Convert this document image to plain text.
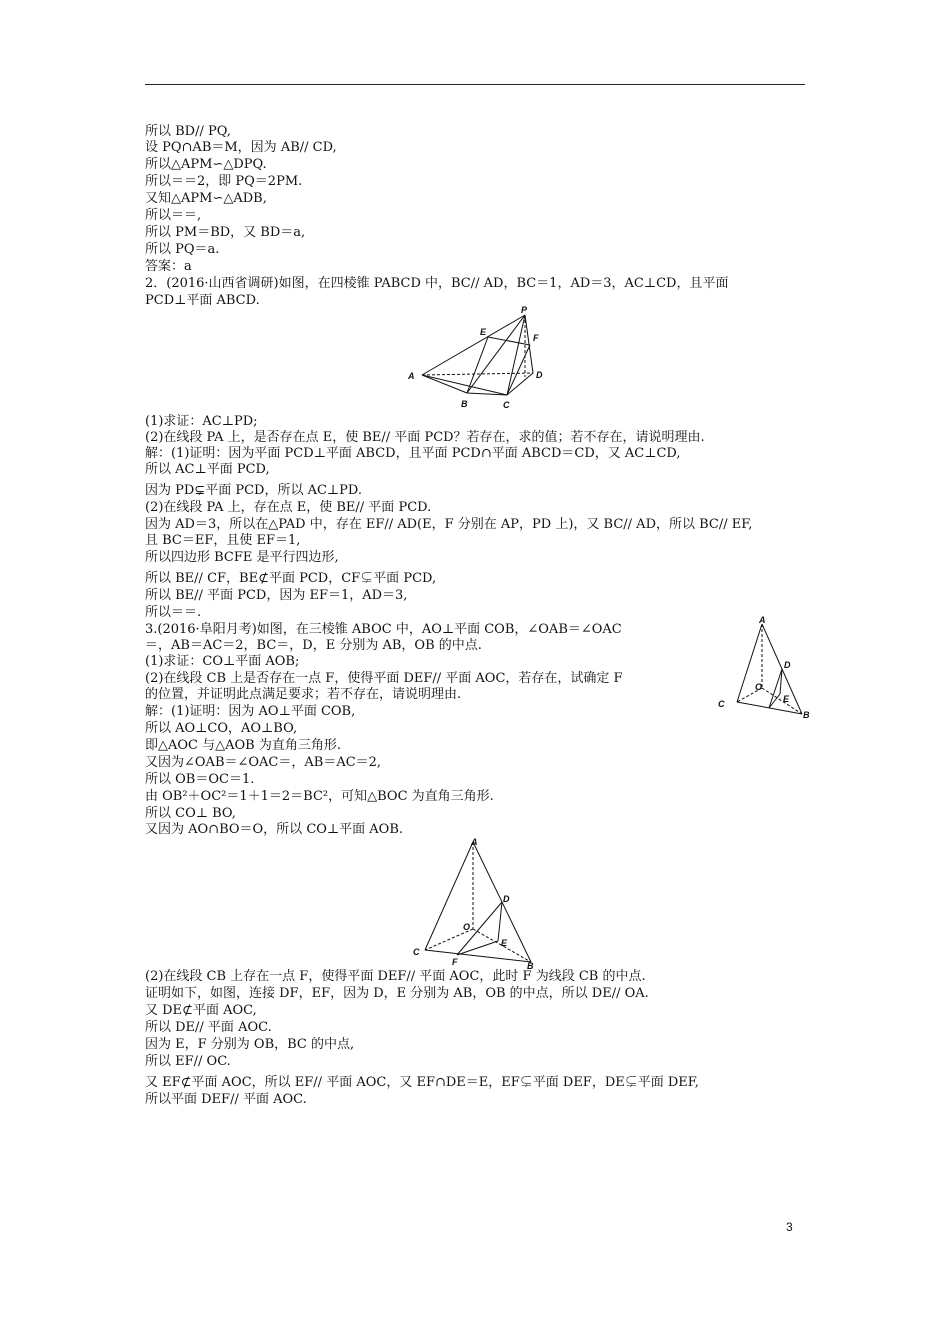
所以 BD// PQ,
设 PQ∩AB＝M，因为 AB// CD,
所以△APM∽△DPQ.
所以＝＝2，即 PQ＝2PM.
又知△APM∽△ADB,
所以＝＝,
所以 PM＝BD，又 BD＝a,
所以 PQ＝a.
答案：a
2．(2016·山西省调研)如图，在四棱锥 PABCD 中，BC// AD，BC＝1，AD＝3，AC⊥CD，且平面
PCD⊥平面 ABCD.
P
E
F
A
B	C
D
(1)求证：AC⊥PD;
(2)在线段 PA 上，是否存在点 E，使 BE// 平面 PCD？若存在，求的值；若不存在，请说明理由.
解：(1)证明：因为平面 PCD⊥平面 ABCD，且平面 PCD∩平面 ABCD＝CD，又 AC⊥CD,
所以 AC⊥平面 PCD,
因为 PD⊊平面 PCD，所以 AC⊥PD.
(2)在线段 PA 上，存在点 E，使 BE// 平面 PCD.
因为 AD＝3，所以在△PAD 中，存在 EF// AD(E，F 分别在 AP，PD 上)，又 BC// AD，所以 BC// EF,
且 BC＝EF，且使 EF＝1,
所以四边形 BCFE 是平行四边形,
所以 BE// CF，BE⊄平面 PCD，CF⊊平面 PCD,
所以 BE// 平面 PCD，因为 EF＝1，AD＝3,
所以＝＝.
3.(2016·阜阳月考)如图，在三棱锥 ABOC 中，AO⊥平面 COB，∠OAB＝∠OAC
＝，AB＝AC＝2，BC＝，D，E 分别为 AB，OB 的中点.
(1)求证：CO⊥平面 AOB;
(2)在线段 CB 上是否存在一点 F，使得平面 DEF// 平面 AOC，若存在，试确定 F
的位置，并证明此点满足要求；若不存在，请说明理由.
A
D
O
E
C
B
解：(1)证明：因为 AO⊥平面 COB,
所以 AO⊥CO，AO⊥BO,
即△AOC 与△AOB 为直角三角形.
又因为∠OAB＝∠OAC＝，AB＝AC＝2,
所以 OB＝OC＝1.
由 OB²＋OC²＝1＋1＝2＝BC²，可知△BOC 为直角三角形.
所以 CO⊥ BO,
又因为 AO∩BO＝O，所以 CO⊥平面 AOB.
A
D
O
E
C
F	B
(2)在线段 CB 上存在一点 F，使得平面 DEF// 平面 AOC，此时 F 为线段 CB 的中点.
证明如下，如图，连接 DF，EF，因为 D，E 分别为 AB，OB 的中点，所以 DE// OA.
又 DE⊄平面 AOC,
所以 DE// 平面 AOC.
因为 E，F 分别为 OB，BC 的中点,
所以 EF// OC.
又 EF⊄平面 AOC，所以 EF// 平面 AOC，又 EF∩DE＝E，EF⊊平面 DEF，DE⊊平面 DEF,
所以平面 DEF// 平面 AOC.
3
